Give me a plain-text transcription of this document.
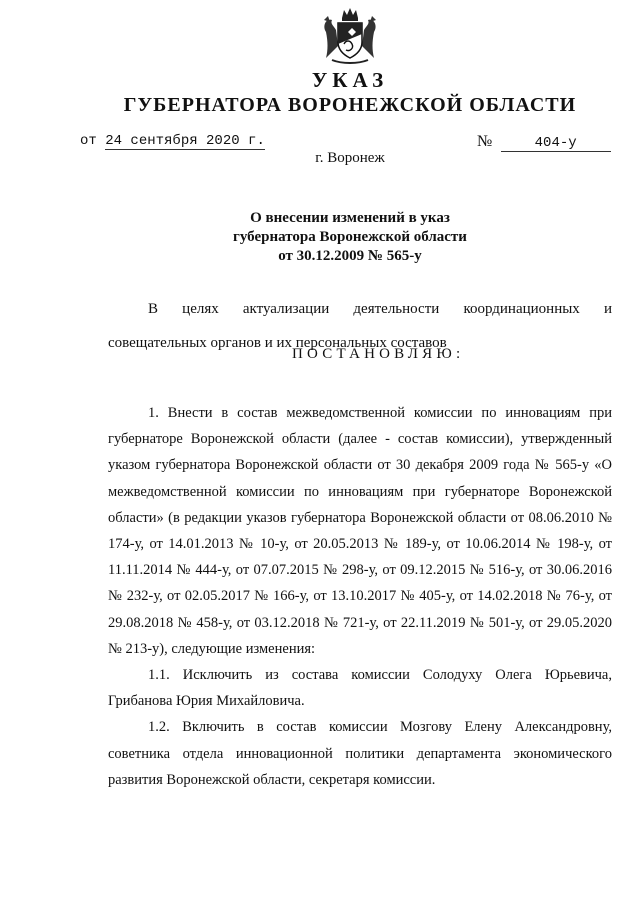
УКАЗ
ГУБЕРНАТОРА ВОРОНЕЖСКОЙ ОБЛАСТИ
от 24 сентября 2020 г.	№	404-у

г. Воронеж

О внесении изменений в указ
губернатора Воронежской области
от 30.12.2009 № 565-у

В целях актуализации деятельности координационных и

совещательных органов и их персональных составов

ПОСТАНОВЛЯЮ:

1. Внести в состав межведомственной комиссии по инновациям при губернаторе Воронежской области (далее - состав комиссии), утвержденный указом губернатора Воронежской области от 30 декабря 2009 года № 565-у «О межведомственной комиссии по инновациям при губернаторе Воронежской области» (в редакции указов губернатора Воронежской области от 08.06.2010 № 174-у, от 14.01.2013 № 10-у, от 20.05.2013 № 189-у, от 10.06.2014 № 198-у, от 11.11.2014 № 444-у, от 07.07.2015 № 298-у, от 09.12.2015 № 516-у, от 30.06.2016 № 232-у, от 02.05.2017 № 166-у, от 13.10.2017 № 405-у, от 14.02.2018 № 76-у, от 29.08.2018 № 458-у, от 03.12.2018 № 721-у, от 22.11.2019 № 501-у, от 29.05.2020 № 213-у), следующие изменения:

1.1. Исключить из состава комиссии Солодуху Олега Юрьевича, Грибанова Юрия Михайловича.

1.2. Включить в состав комиссии Мозгову Елену Александровну, советника отдела инновационной политики департамента экономического развития Воронежской области, секретаря комиссии.
